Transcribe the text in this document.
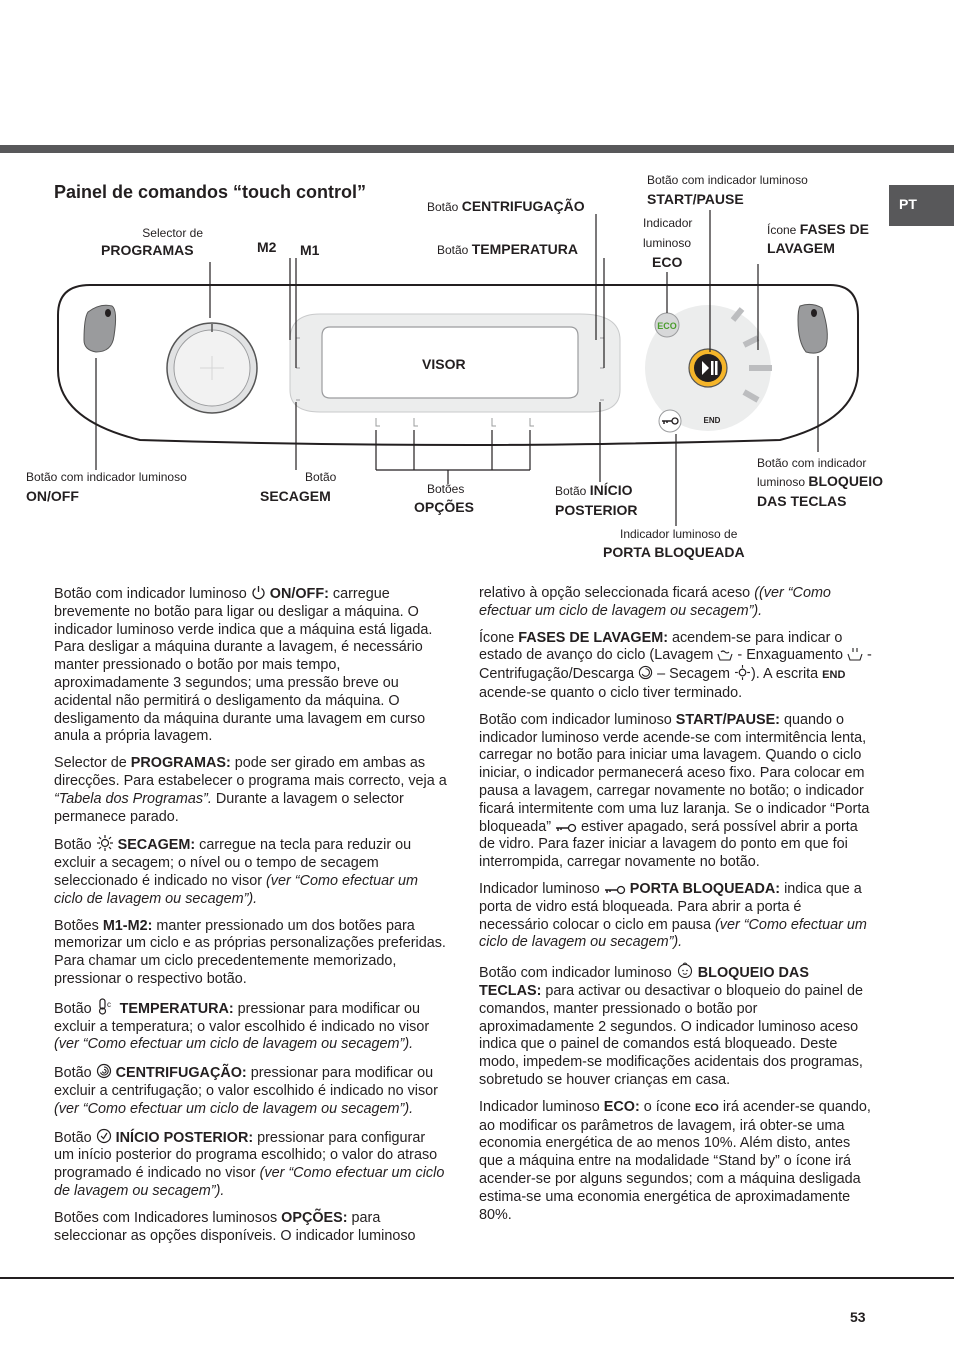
PT
Painel de comandos “touch control”
ECO
END
Selector de
PROGRAMAS	M2 M1
Botão CENTRIFUGAÇÃO
Botão TEMPERATURA
Botão com indicador luminoso
START/PAUSE
Indicador
luminoso
ECO
Ícone FASES DE
LAVAGEM
VISOR
Botão com indicador luminoso
ON/OFF
Botão
SECAGEM	Botões
OPÇÕES
Botão INÍCIO
POSTERIOR
Botão com indicador
luminoso BLOQUEIO
DAS TECLAS
Indicador luminoso de
PORTA BLOQUEADA

Botão com indicador luminoso  ON/OFF: carregue brevemente no botão para ligar ou desligar a máquina. O indicador luminoso verde indica que a máquina está ligada. Para desligar a máquina durante a lavagem, é necessário manter pressionado o botão por mais tempo, aproximadamente 3 segundos; uma pressão breve ou acidental não permitirá o desligamento da máquina. O desligamento da máquina durante uma lavagem em curso anula a própria lavagem.

Selector de PROGRAMAS: pode ser girado em ambas as direcções. Para estabelecer o programa mais correcto, veja a “Tabela dos Programas”. Durante a lavagem o selector permanece parado.

Botão  SECAGEM: carregue na tecla para reduzir ou excluir a secagem; o nível ou o tempo de secagem seleccionado é indicado no visor (ver “Como efectuar um ciclo de lavagem ou secagem”).

Botões M1-M2: manter pressionado um dos botões para memorizar um ciclo e as próprias personalizações preferidas. Para chamar um ciclo precedentemente memorizado, pressionar o respectivo botão.

Botão c TEMPERATURA: pressionar para modificar ou excluir a temperatura; o valor escolhido é indicado no visor (ver “Como efectuar um ciclo de lavagem ou secagem”).

Botão  CENTRIFUGAÇÃO: pressionar para modificar ou excluir a centrifugação; o valor escolhido é indicado no visor (ver “Como efectuar um ciclo de lavagem ou secagem”).

Botão  INÍCIO POSTERIOR: pressionar para configurar um início posterior do programa escolhido; o valor do atraso programado é indicado no visor (ver “Como efectuar um ciclo de lavagem ou secagem”).

Botões com Indicadores luminosos OPÇÕES: para seleccionar as opções disponíveis. O indicador luminoso

relativo à opção seleccionada ficará aceso ((ver “Como efectuar um ciclo de lavagem ou secagem”).

Ícone FASES DE LAVAGEM: acendem-se para indicar o estado de avanço do ciclo (Lavagem  - Enxaguamento  - Centrifugação/Descarga  – Secagem ). A escrita END acende-se quanto o ciclo tiver terminado.

Botão com indicador luminoso START/PAUSE: quando o indicador luminoso verde acende-se com intermitência lenta, carregar no botão para iniciar uma lavagem. Quando o ciclo iniciar, o indicador permanecerá aceso fixo. Para colocar em pausa a lavagem, carregar novamente no botão; o indicador ficará intermitente com uma luz laranja. Se o indicador “Porta bloqueada”  estiver apagado, será possível abrir a porta de vidro. Para fazer iniciar a lavagem do ponto em que foi interrompida, carregar novamente no botão.

Indicador luminoso  PORTA BLOQUEADA: indica que a porta de vidro está bloqueada. Para abrir a porta é necessário colocar o ciclo em pausa (ver “Como efectuar um ciclo de lavagem ou secagem”).

Botão com indicador luminoso  BLOQUEIO DAS TECLAS: para activar ou desactivar o bloqueio do painel de comandos, manter pressionado o botão por aproximadamente 2 segundos. O indicador luminoso aceso indica que o painel de comandos está bloqueado. Deste modo, impedem-se modificações acidentais dos programas, sobretudo se houver crianças em casa.

Indicador luminoso ECO: o ícone ECO irá acender-se quando, ao modificar os parâmetros de lavagem, irá obter-se uma economia energética de ao menos 10%. Além disto, antes que a máquina entre na modalidade “Stand by” o ícone irá acender-se por alguns segundos; com a máquina desligada estima-se uma economia energética de aproximadamente 80%.

53
